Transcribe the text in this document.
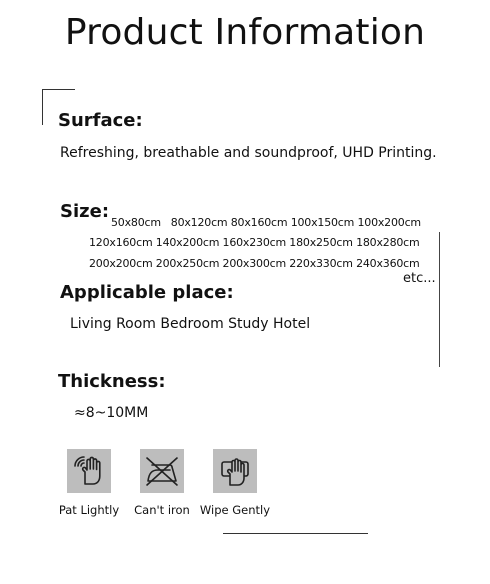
Product Information
Surface:
Refreshing, breathable and soundproof, UHD Printing.
Size:
50x80cm 80x120cm 80x160cm 100x150cm 100x200cm
120x160cm 140x200cm 160x230cm 180x250cm 180x280cm
200x200cm 200x250cm 200x300cm 220x330cm 240x360cm
etc...
Applicable place:
Living Room Bedroom Study Hotel
Thickness:
≈8~10MM
Pat Lightly	Can't iron Wipe Gently
